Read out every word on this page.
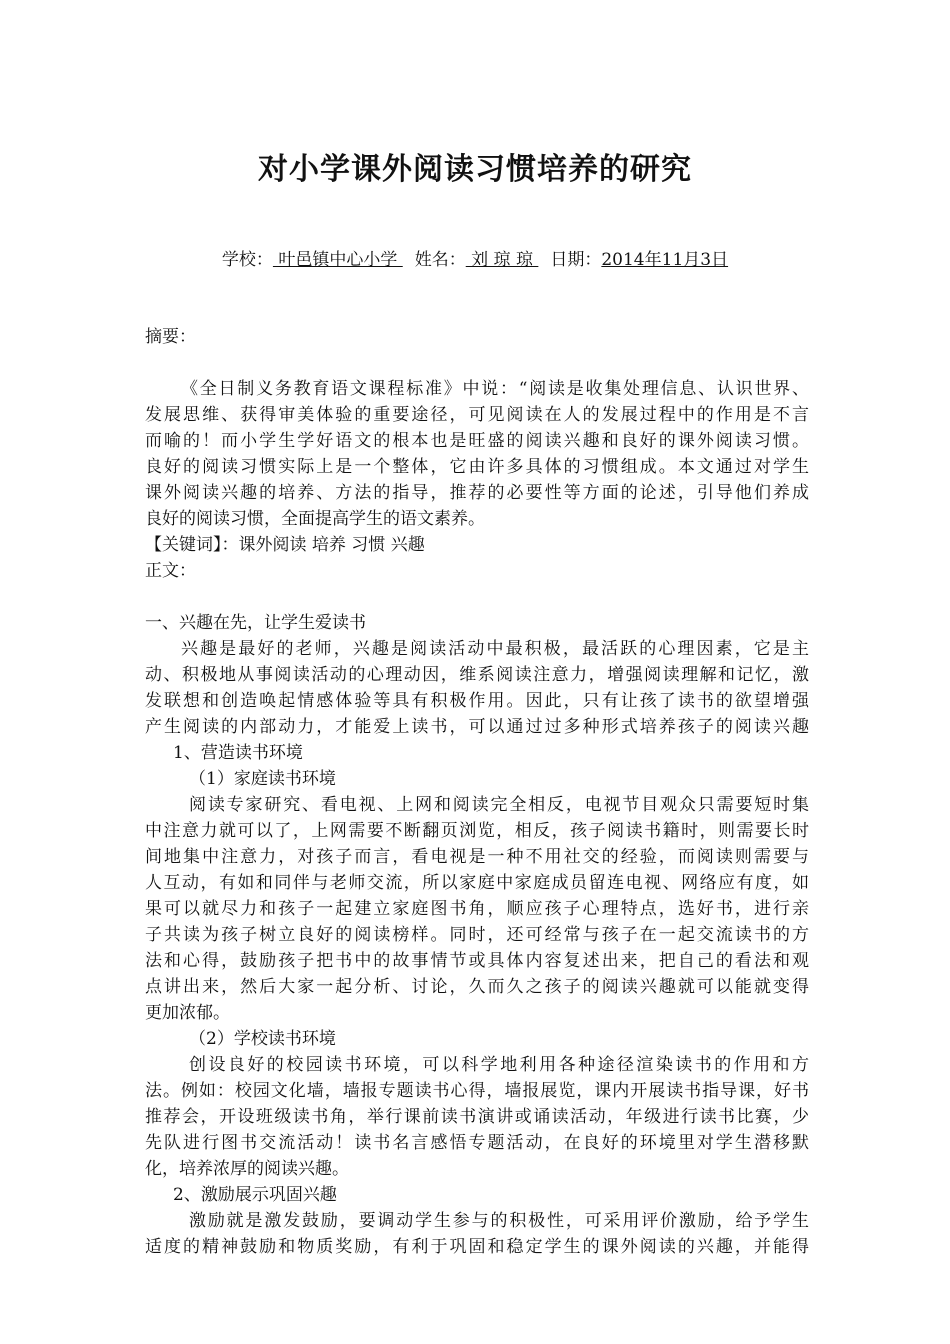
对小学课外阅读习惯培养的研究
学校： 叶邑镇中心小学 姓名： 刘 琼 琼 日期：2014年11月3日
摘要：
《全日制义务教育语文课程标准》中说：“阅读是收集处理信息、认识世界、
发展思维、获得审美体验的重要途径，可见阅读在人的发展过程中的作用是不言
而喻的！而小学生学好语文的根本也是旺盛的阅读兴趣和良好的课外阅读习惯。
良好的阅读习惯实际上是一个整体，它由许多具体的习惯组成。本文通过对学生
课外阅读兴趣的培养、方法的指导，推荐的必要性等方面的论述，引导他们养成
良好的阅读习惯，全面提高学生的语文素养。
【关键词】：课外阅读 培养 习惯 兴趣
正文：
一、兴趣在先，让学生爱读书
兴趣是最好的老师，兴趣是阅读活动中最积极，最活跃的心理因素，它是主
动、积极地从事阅读活动的心理动因，维系阅读注意力，增强阅读理解和记忆，激
发联想和创造唤起情感体验等具有积极作用。因此，只有让孩了读书的欲望增强
产生阅读的内部动力，才能爱上读书，可以通过过多种形式培养孩子的阅读兴趣
1、营造读书环境
（1）家庭读书环境
阅读专家研究、看电视、上网和阅读完全相反，电视节目观众只需要短时集
中注意力就可以了，上网需要不断翻页浏览，相反，孩子阅读书籍时，则需要长时
间地集中注意力，对孩子而言，看电视是一种不用社交的经验，而阅读则需要与
人互动，有如和同伴与老师交流，所以家庭中家庭成员留连电视、网络应有度，如
果可以就尽力和孩子一起建立家庭图书角，顺应孩子心理特点，选好书，进行亲
子共读为孩子树立良好的阅读榜样。同时，还可经常与孩子在一起交流读书的方
法和心得，鼓励孩子把书中的故事情节或具体内容复述出来，把自己的看法和观
点讲出来，然后大家一起分析、讨论，久而久之孩子的阅读兴趣就可以能就变得
更加浓郁。
（2）学校读书环境
创设良好的校园读书环境，可以科学地利用各种途径渲染读书的作用和方
法。例如：校园文化墙，墙报专题读书心得，墙报展览，课内开展读书指导课，好书
推荐会，开设班级读书角，举行课前读书演讲或诵读活动，年级进行读书比赛，少
先队进行图书交流活动！读书名言感悟专题活动，在良好的环境里对学生潜移默
化，培养浓厚的阅读兴趣。
2、激励展示巩固兴趣
激励就是激发鼓励，要调动学生参与的积极性，可采用评价激励，给予学生
适度的精神鼓励和物质奖励，有利于巩固和稳定学生的课外阅读的兴趣，并能得
